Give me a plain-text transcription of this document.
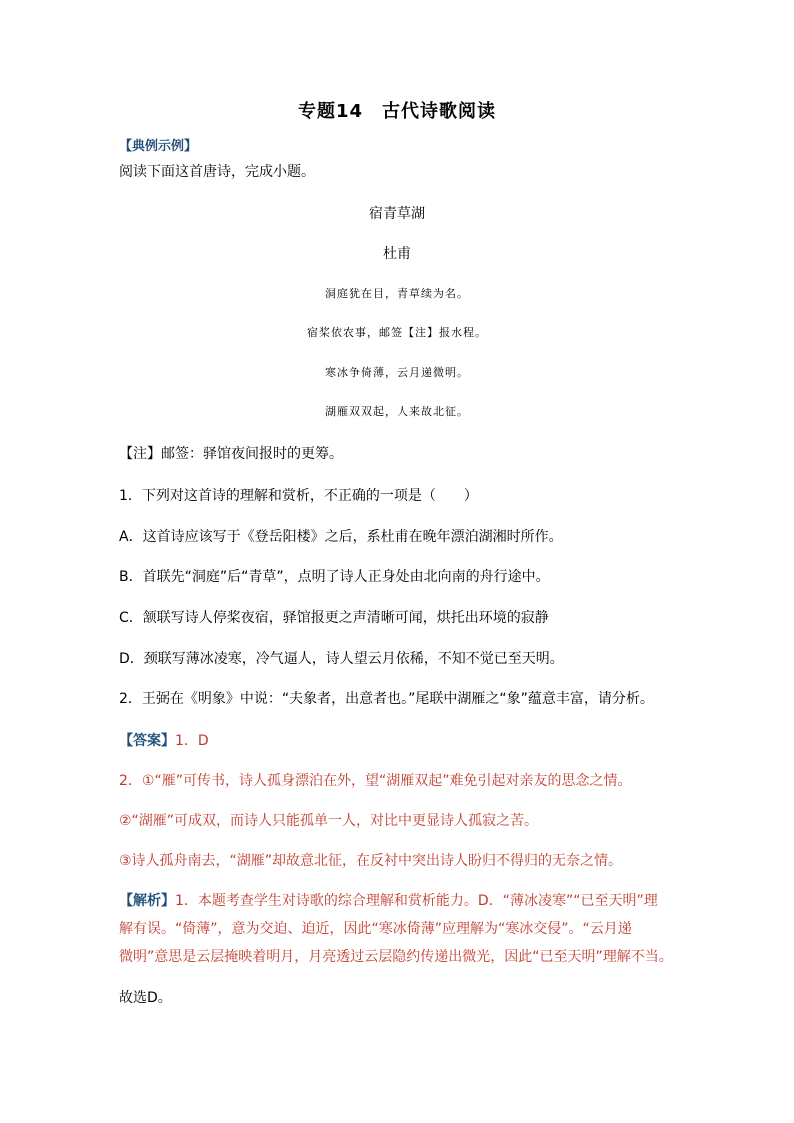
专题14　古代诗歌阅读
【典例示例】
阅读下面这首唐诗，完成小题。
宿青草湖
杜甫
洞庭犹在目，青草续为名。
宿桨依农事，邮签【注】报水程。
寒冰争倚薄，云月递微明。
湖雁双双起，人来故北征。
【注】邮签：驿馆夜间报时的更筹。
1．下列对这首诗的理解和赏析，不正确的一项是（　　）
A．这首诗应该写于《登岳阳楼》之后，系杜甫在晚年漂泊湖湘时所作。
B．首联先“洞庭”后“青草”，点明了诗人正身处由北向南的舟行途中。
C．颔联写诗人停桨夜宿，驿馆报更之声清晰可闻，烘托出环境的寂静
D．颈联写薄冰凌寒，冷气逼人，诗人望云月依稀，不知不觉已至天明。
2．王弼在《明象》中说：“夫象者，出意者也。”尾联中湖雁之“象”蕴意丰富，请分析。
【答案】1．D
2．①“雁”可传书，诗人孤身漂泊在外，望“湖雁双起”难免引起对亲友的思念之情。
②“湖雁”可成双，而诗人只能孤单一人，对比中更显诗人孤寂之苦。
③诗人孤舟南去，“湖雁”却故意北征，在反衬中突出诗人盼归不得归的无奈之情。
【解析】1．本题考查学生对诗歌的综合理解和赏析能力。D．“薄冰凌寒”“已至天明”理
解有误。“倚薄”，意为交迫、迫近，因此“寒冰倚薄”应理解为“寒冰交侵”。“云月递
微明”意思是云层掩映着明月，月亮透过云层隐约传递出微光，因此“已至天明”理解不当。
故选D。
